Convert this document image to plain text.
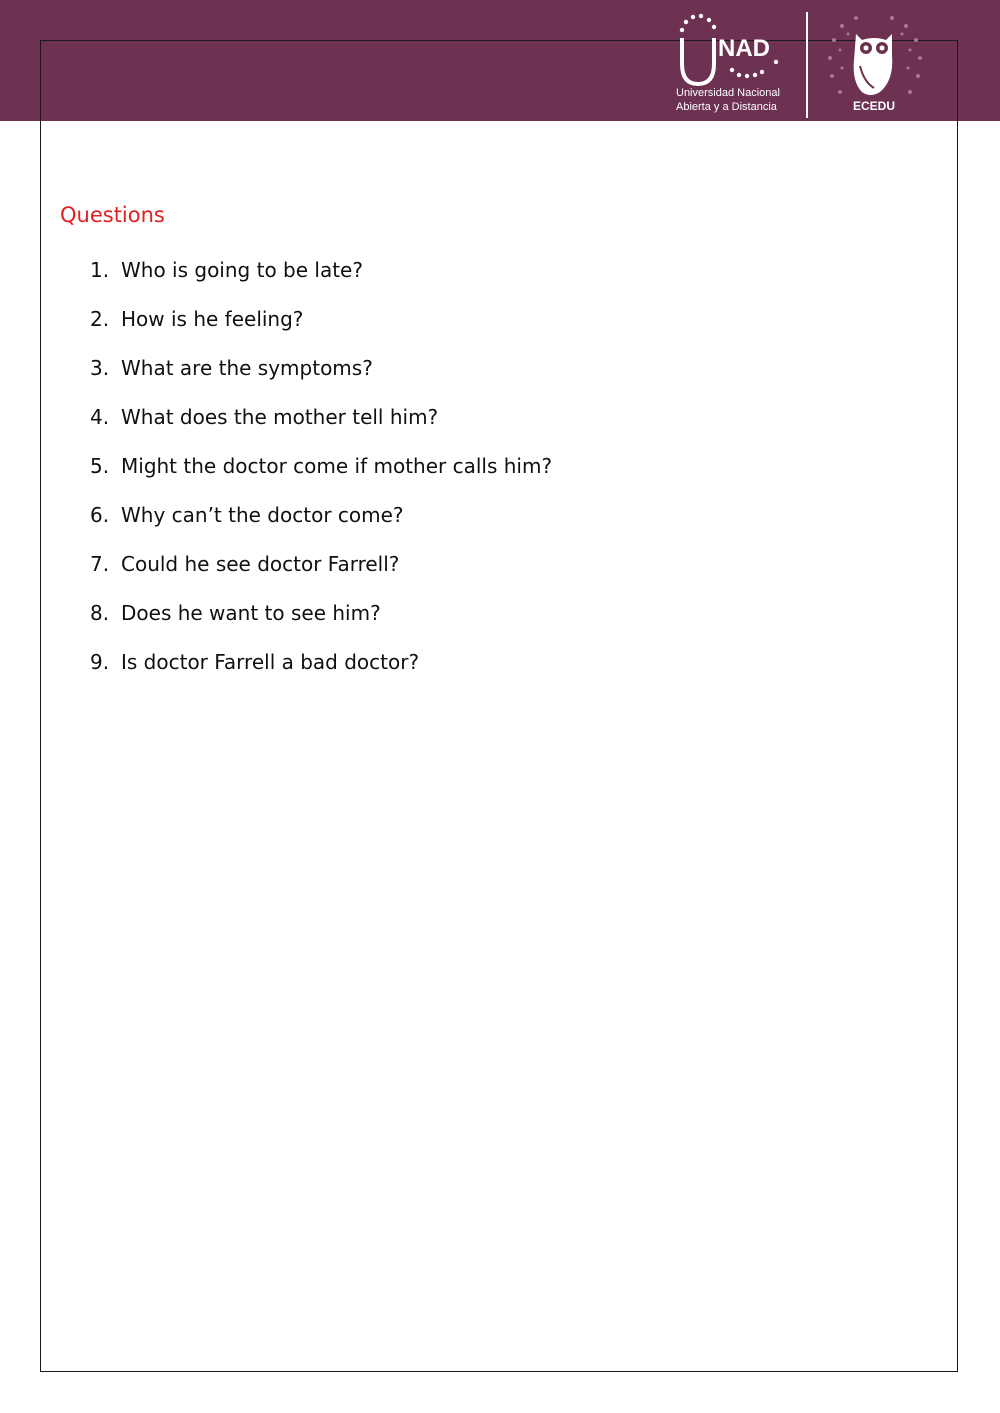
NAD
Universidad Nacional
Abierta y a Distancia	ECEDU
Questions
1. Who is going to be late?
2. How is he feeling?
3. What are the symptoms?
4. What does the mother tell him?
5. Might the doctor come if mother calls him?
6. Why can’t the doctor come?
7. Could he see doctor Farrell?
8. Does he want to see him?
9. Is doctor Farrell a bad doctor?
